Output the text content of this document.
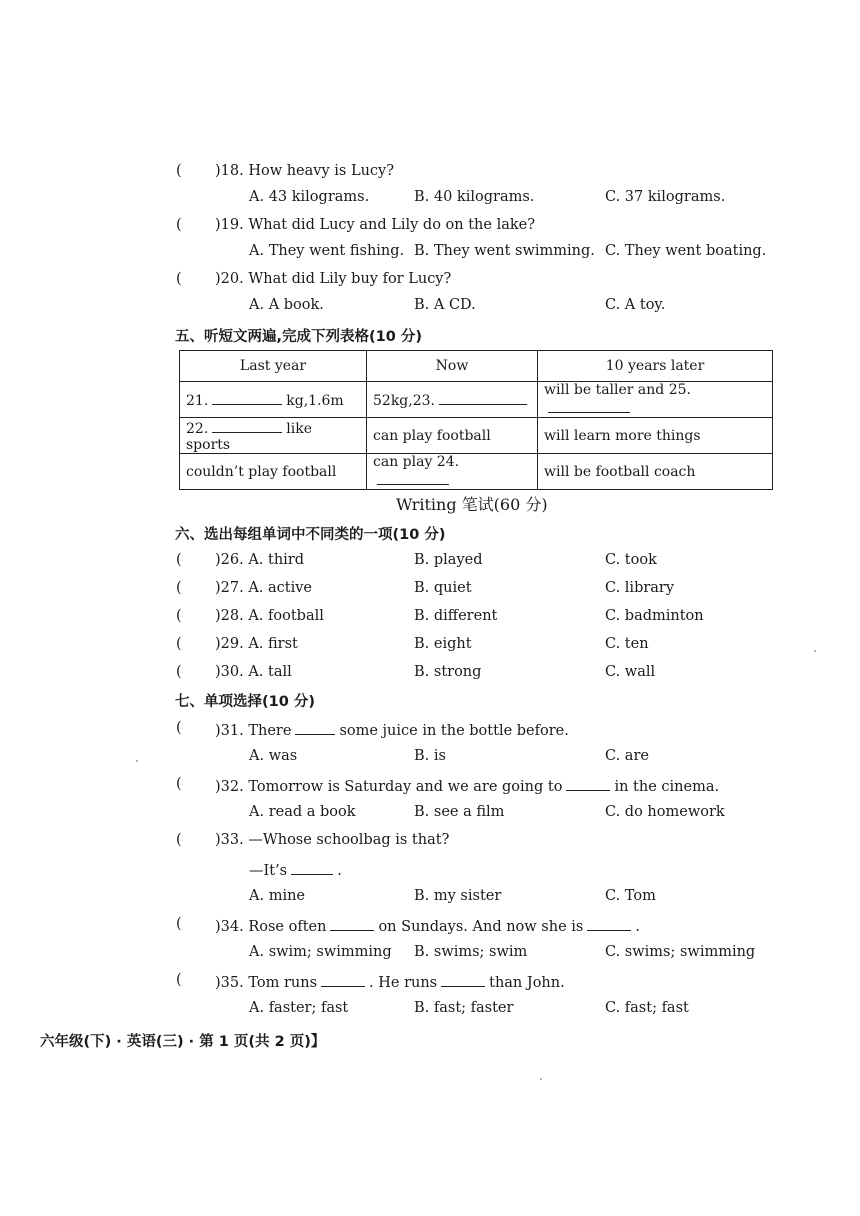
( )18. How heavy is Lucy?
A. 43 kilograms.	B. 40 kilograms.	C. 37 kilograms.
( )19. What did Lucy and Lily do on the lake?
A. They went fishing. B. They went swimming. C. They went boating.
( )20. What did Lily buy for Lucy?
A. A book.	B. A CD.	C. A toy.
五、听短文两遍,完成下列表格(10 分)
Last year	Now	10 years later
21. kg,1.6m	52kg,23.	will be taller and 25.
22. like sports	can play football	will learn more things
couldn’t play football	can play 24.	will be football coach
Writing 笔试(60 分)
六、选出每组单词中不同类的一项(10 分)
( )26. A. third	B. played	C. took
( )27. A. active	B. quiet	C. library
( )28. A. football	B. different	C. badminton
( )29. A. first	B. eight	C. ten
( )30. A. tall	B. strong	C. wall
七、单项选择(10 分)
( )31. There	some juice in the bottle before.
A. was	B. is	C. are
( )32. Tomorrow is Saturday and we are going to	in the cinema.
A. read a book	B. see a film	C. do homework
( )33. —Whose schoolbag is that?
—It’s	.
A. mine	B. my sister	C. Tom
( )34. Rose often	on Sundays. And now she is	.
A. swim; swimming B. swims; swim	C. swims; swimming
( )35. Tom runs	. He runs	than John.
A. faster; fast	B. fast; faster	C. fast; fast
六年级(下) · 英语(三) · 第 1 页(共 2 页)】
